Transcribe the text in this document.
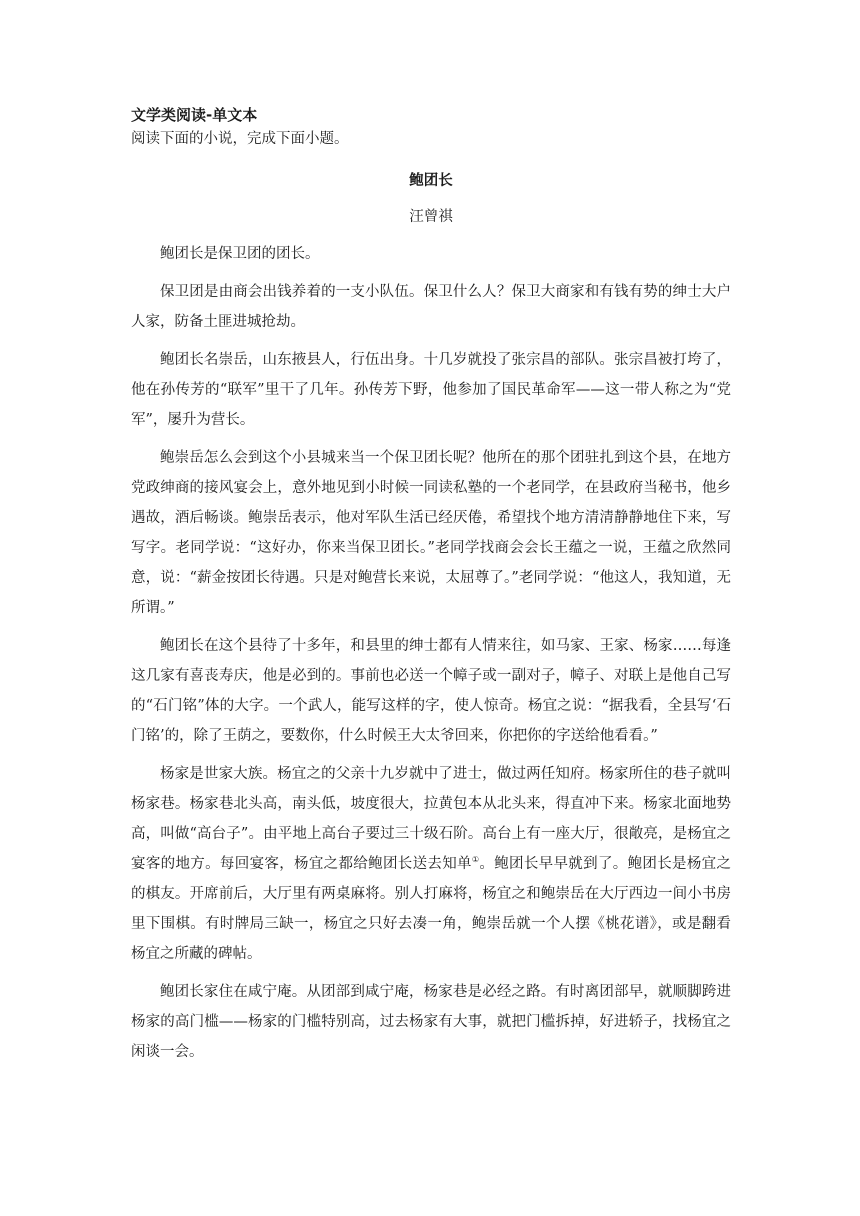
文学类阅读-单文本

阅读下面的小说，完成下面小题。

鲍团长

汪曾祺

鲍团长是保卫团的团长。

保卫团是由商会出钱养着的一支小队伍。保卫什么人？保卫大商家和有钱有势的绅士大户人家，防备土匪进城抢劫。

鲍团长名崇岳，山东掖县人，行伍出身。十几岁就投了张宗昌的部队。张宗昌被打垮了，他在孙传芳的“联军”里干了几年。孙传芳下野，他参加了国民革命军——这一带人称之为“党军”，屡升为营长。

鲍崇岳怎么会到这个小县城来当一个保卫团长呢？他所在的那个团驻扎到这个县，在地方党政绅商的接风宴会上，意外地见到小时候一同读私塾的一个老同学，在县政府当秘书，他乡遇故，酒后畅谈。鲍崇岳表示，他对军队生活已经厌倦，希望找个地方清清静静地住下来，写写字。老同学说：“这好办，你来当保卫团长。”老同学找商会会长王蕴之一说，王蕴之欣然同意，说：“薪金按团长待遇。只是对鲍营长来说，太屈尊了。”老同学说：“他这人，我知道，无所谓。”

鲍团长在这个县待了十多年，和县里的绅士都有人情来往，如马家、王家、杨家……每逢这几家有喜丧寿庆，他是必到的。事前也必送一个幛子或一副对子，幛子、对联上是他自己写的“石门铭”体的大字。一个武人，能写这样的字，使人惊奇。杨宜之说：“据我看，全县写‘石门铭’的，除了王荫之，要数你，什么时候王大太爷回来，你把你的字送给他看看。”

杨家是世家大族。杨宜之的父亲十九岁就中了进士，做过两任知府。杨家所住的巷子就叫杨家巷。杨家巷北头高，南头低，坡度很大，拉黄包本从北头来，得直冲下来。杨家北面地势高，叫做“高台子”。由平地上高台子要过三十级石阶。高台上有一座大厅，很敞亮，是杨宜之宴客的地方。每回宴客，杨宜之都给鲍团长送去知单①。鲍团长早早就到了。鲍团长是杨宜之的棋友。开席前后，大厅里有两桌麻将。别人打麻将，杨宜之和鲍崇岳在大厅西边一间小书房里下围棋。有时牌局三缺一，杨宜之只好去凑一角，鲍崇岳就一个人摆《桃花谱》，或是翻看杨宜之所藏的碑帖。

鲍团长家住在咸宁庵。从团部到咸宁庵，杨家巷是必经之路。有时离团部早，就顺脚跨进杨家的高门槛——杨家的门槛特别高，过去杨家有大事，就把门槛拆掉，好进轿子，找杨宜之闲谈一会。
